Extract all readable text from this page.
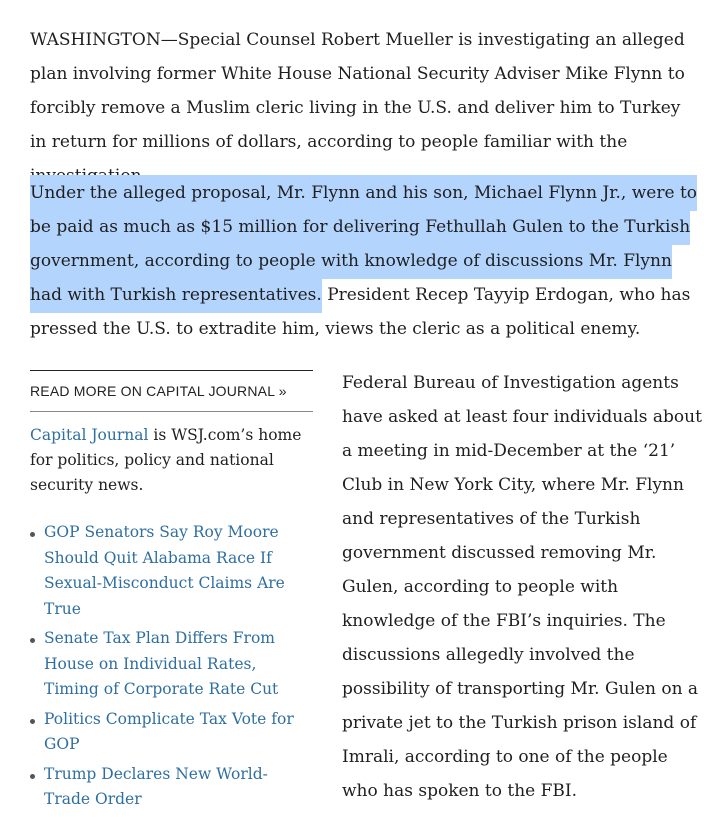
WASHINGTON—Special Counsel Robert Mueller is investigating an alleged plan involving former White House National Security Adviser Mike Flynn to forcibly remove a Muslim cleric living in the U.S. and deliver him to Turkey in return for millions of dollars, according to people familiar with the

Under the alleged proposal, Mr. Flynn and his son, Michael Flynn Jr., were to be paid as much as $15 million for delivering Fethullah Gulen to the Turkish government, according to people with knowledge of discussions Mr. Flynn had with Turkish representatives. President Recep Tayyip Erdogan, who has pressed the U.S. to extradite him, views the cleric as a political enemy.

READ MORE ON CAPITAL JOURNAL »

Capital Journal is WSJ.com’s home for politics, policy and national security news.

GOP Senators Say Roy Moore Should Quit Alabama Race If Sexual-Misconduct Claims Are True
Senate Tax Plan Differs From House on Individual Rates, Timing of Corporate Rate Cut
Politics Complicate Tax Vote for GOP
Trump Declares New World-Trade Order

Federal Bureau of Investigation agents have asked at least four individuals about a meeting in mid-December at the ‘21’ Club in New York City, where Mr. Flynn and representatives of the Turkish government discussed removing Mr. Gulen, according to people with knowledge of the FBI’s inquiries. The discussions allegedly involved the possibility of transporting Mr. Gulen on a private jet to the Turkish prison island of Imrali, according to one of the people who has spoken to the FBI.
